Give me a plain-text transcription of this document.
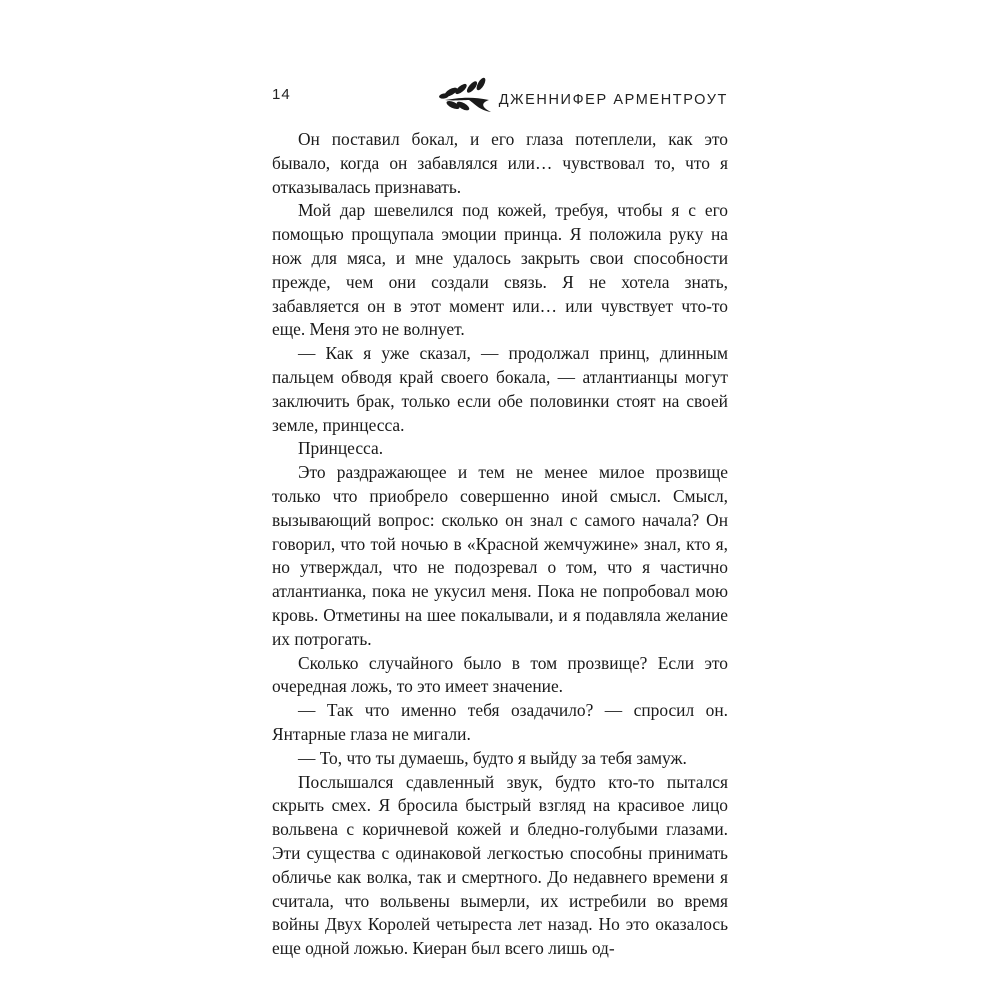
14	ДЖЕННИФЕР АРМЕНТРОУТ

Он поставил бокал, и его глаза потеплели, как это бывало, когда он забавлялся или… чувствовал то, что я отказывалась признавать.

Мой дар шевелился под кожей, требуя, чтобы я с его помощью прощупала эмоции принца. Я положила руку на нож для мяса, и мне удалось закрыть свои способности прежде, чем они создали связь. Я не хотела знать, забавляется он в этот момент или… или чувствует что-то еще. Меня это не волнует.

— Как я уже сказал, — продолжал принц, длинным пальцем обводя край своего бокала, — атлантианцы могут заключить брак, только если обе половинки стоят на своей земле, принцесса.

Принцесса.

Это раздражающее и тем не менее милое прозвище только что приобрело совершенно иной смысл. Смысл, вызывающий вопрос: сколько он знал с самого начала? Он говорил, что той ночью в «Красной жемчужине» знал, кто я, но утверждал, что не подозревал о том, что я частично атлантианка, пока не укусил меня. Пока не попробовал мою кровь. Отметины на шее покалывали, и я подавляла желание их потрогать.

Сколько случайного было в том прозвище? Если это очередная ложь, то это имеет значение.

— Так что именно тебя озадачило? — спросил он. Янтарные глаза не мигали.

— То, что ты думаешь, будто я выйду за тебя замуж.

Послышался сдавленный звук, будто кто-то пытался скрыть смех. Я бросила быстрый взгляд на красивое лицо вольвена с коричневой кожей и бледно-голубыми глазами. Эти существа с одинаковой легкостью способны принимать обличье как волка, так и смертного. До недавнего времени я считала, что вольвены вымерли, их истребили во время войны Двух Королей четыреста лет назад. Но это оказалось еще одной ложью. Киеран был всего лишь од-
